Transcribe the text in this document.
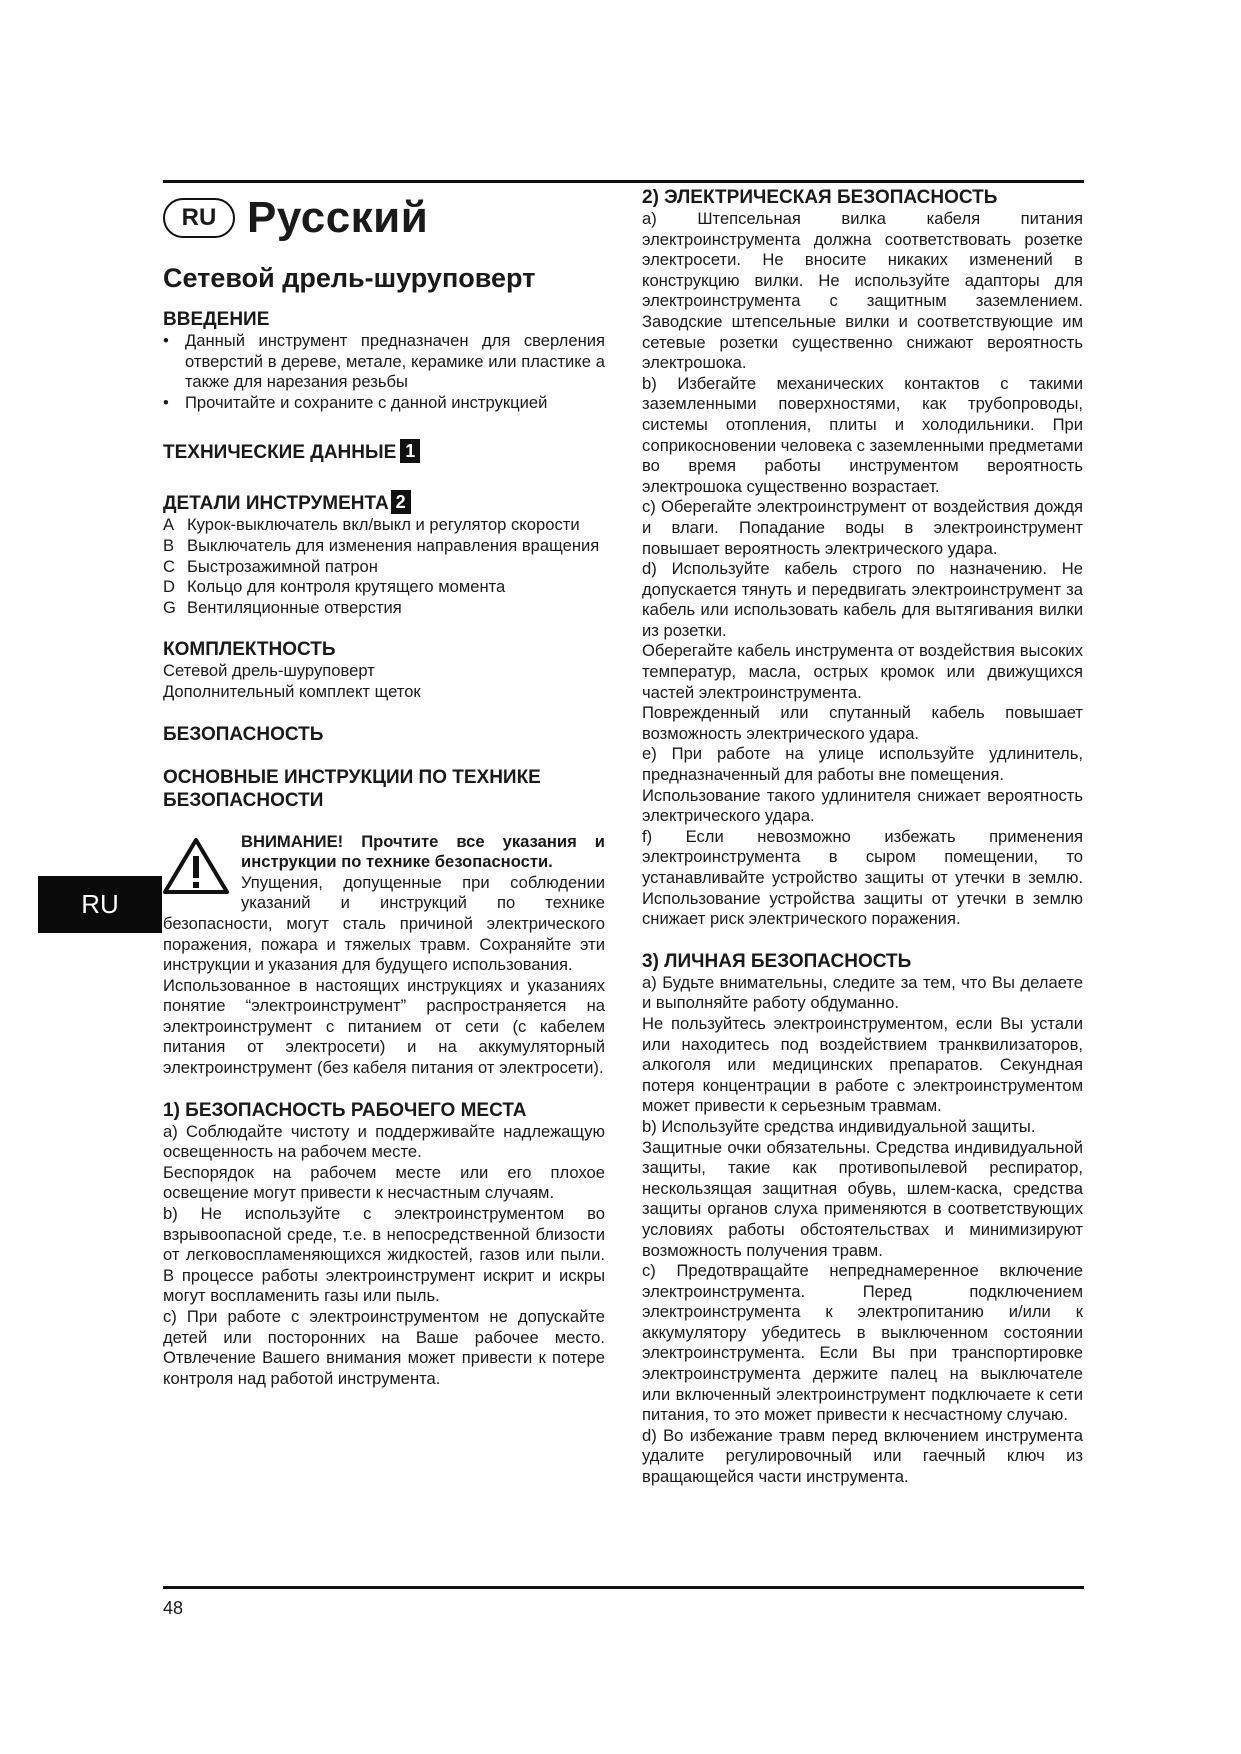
RU
RU Русский
Сетевой дрель-шуруповерт
ВВЕДЕНИЕ
• Данный инструмент предназначен для сверления отверстий в дереве, метале, керамике или пластике а также для нарезания резьбы
• Прочитайте и сохраните с данной инструкцией
ТЕХНИЧЕСКИЕ ДАННЫЕ 1
ДЕТАЛИ ИНСТРУМЕНТА 2
A Курок-выключатель вкл/выкл и регулятор скорости
B Выключатель для изменения направления вращения
C Быстрозажимной патрон
D Кольцо для контроля крутящего момента
G Вентиляционные отверстия
КОМПЛЕКТНОСТЬ

Сетевой дрель-шуруповерт

Дополнительный комплект щеток

БЕЗОПАСНОСТЬ
ОСНОВНЫЕ ИНСТРУКЦИИ ПО ТЕХНИКЕ БЕЗОПАСНОСТИ

ВНИМАНИЕ! Прочтите все указания и инструкции по технике безопасности.

Упущения, допущенные при соблюдении указаний и инструкций по технике безопасности, могут сталь причиной электрического поражения, пожара и тяжелых травм. Сохраняйте эти инструкции и указания для будущего использования.

Использованное в настоящих инструкциях и указаниях понятие “электроинструмент” распространяется на электроинструмент с питанием от сети (с кабелем питания от электросети) и на аккумуляторный электроинструмент (без кабеля питания от электросети).

1) БЕЗОПАСНОСТЬ РАБОЧЕГО МЕСТА

a) Соблюдайте чистоту и поддерживайте надлежащую освещенность на рабочем месте.

Беспорядок на рабочем месте или его плохое освещение могут привести к несчастным случаям.

b) Не используйте с электроинструментом во взрывоопасной среде, т.е. в непосредственной близости от легковоспламеняющихся жидкостей, газов или пыли. В процессе работы электроинструмент искрит и искры могут воспламенить газы или пыль.

c) При работе с электроинструментом не допускайте детей или посторонних на Ваше рабочее место. Отвлечение Вашего внимания может привести к потере контроля над работой инструмента.

2) ЭЛЕКТРИЧЕСКАЯ БЕЗОПАСНОСТЬ

a) Штепсельная вилка кабеля питания электроинструмента должна соответствовать розетке электросети. Не вносите никаких изменений в конструкцию вилки. Не используйте адапторы для электроинструмента с защитным заземлением. Заводские штепсельные вилки и соответствующие им сетевые розетки существенно снижают вероятность электрошока.

b) Избегайте механических контактов с такими заземленными поверхностями, как трубопроводы, системы отопления, плиты и холодильники. При соприкосновении человека с заземленными предметами во время работы инструментом вероятность электрошока существенно возрастает.

c) Оберегайте электроинструмент от воздействия дождя и влаги. Попадание воды в электроинструмент повышает вероятность электрического удара.

d) Используйте кабель строго по назначению. Не допускается тянуть и передвигать электроинструмент за кабель или использовать кабель для вытягивания вилки из розетки.

Оберегайте кабель инструмента от воздействия высоких температур, масла, острых кромок или движущихся частей электроинструмента.

Поврежденный или спутанный кабель повышает возможность электрического удара.

e) При работе на улице используйте удлинитель, предназначенный для работы вне помещения.

Использование такого удлинителя снижает вероятность электрического удара.

f) Если невозможно избежать применения электроинструмента в сыром помещении, то устанавливайте устройство защиты от утечки в землю. Использование устройства защиты от утечки в землю снижает риск электрического поражения.

3) ЛИЧНАЯ БЕЗОПАСНОСТЬ

a) Будьте внимательны, следите за тем, что Вы делаете и выполняйте работу обдуманно.

Не пользуйтесь электроинструментом, если Вы устали или находитесь под воздействием транквилизаторов, алкоголя или медицинских препаратов. Секундная потеря концентрации в работе с электроинструментом может привести к серьезным травмам.

b) Используйте средства индивидуальной защиты.

Защитные очки обязательны. Средства индивидуальной защиты, такие как противопылевой респиратор, нескользящая защитная обувь, шлем-каска, средства защиты органов слуха применяются в соответствующих условиях работы обстоятельствах и минимизируют возможность получения травм.

c) Предотвращайте непреднамеренное включение электроинструмента. Перед подключением электроинструмента к электропитанию и/или к аккумулятору убедитесь в выключенном состоянии электроинструмента. Если Вы при транспортировке электроинструмента держите палец на выключателе или включенный электроинструмент подключаете к сети питания, то это может привести к несчастному случаю.

d) Во избежание травм перед включением инструмента удалите регулировочный или гаечный ключ из вращающейся части инструмента.

48
